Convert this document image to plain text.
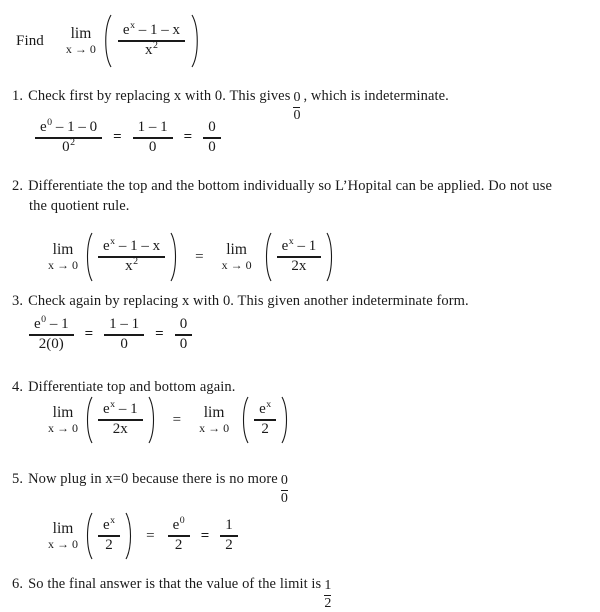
Find lim
$x \to 0 \frac{e^x - 1 - x}{x^2}$
1. Check first by replacing x with 0. This gives $\frac{0}{0}$ , which is indeterminate.
$\frac{e^0 - 1 - 0}{0^2} = \frac{1 - 1}{0} = \frac{0}{0}$
2. Differentiate the top and the bottom individually so L’Hopital can be applied. Do not use
the quotient rule.
lim
$x \to 0 \frac{e^x - 1 - x}{x^2} = \lim$
$x \to 0 \frac{e^x - 1}{2x}$
3. Check again by replacing x with 0. This given another indeterminate form.
$\frac{e^0 - 1}{2(0)} = \frac{1 - 1}{0} = \frac{0}{0}$
4. Differentiate top and bottom again.
lim
$x \to 0 \frac{e^x - 1}{2x} = \lim$
$x \to 0 \frac{e^x}{2}$
5. Now plug in x=0 because there is no more $\frac{0}{0}$
lim
$x \to 0 \frac{e^x}{2} = \frac{e^0}{2} = \frac{1}{2}$
6. So the final answer is that the value of the limit is $\frac{1}{2}$
